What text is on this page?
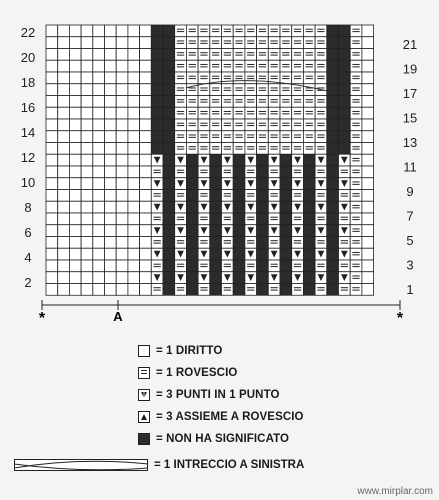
22
20
18
16
14
12
10
8
6
4
2
21
19
17
15
13
11
9
7
5
3
1
*	A	*
= 1 DIRITTO
= 1 ROVESCIO
= 3 PUNTI IN 1 PUNTO
= 3 ASSIEME A ROVESCIO
= NON HA SIGNIFICATO
= 1 INTRECCIO A SINISTRA
www.mirplar.com
